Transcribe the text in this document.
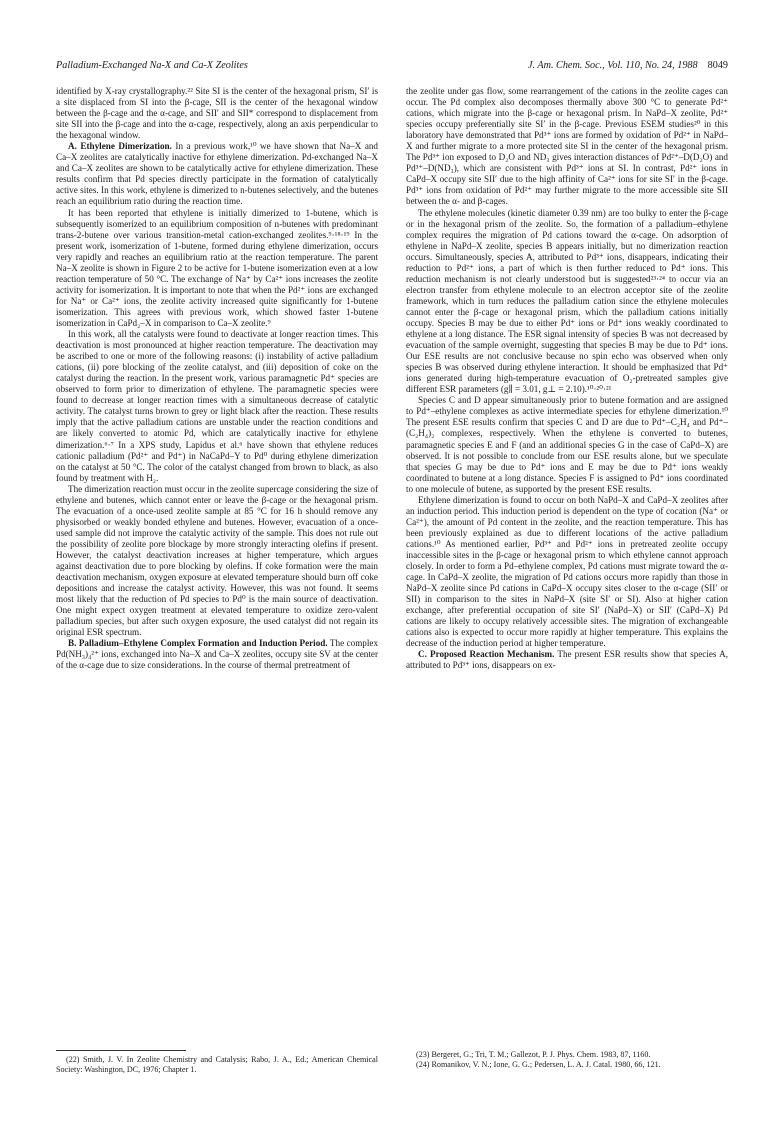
Palladium-Exchanged Na-X and Ca-X Zeolites	J. Am. Chem. Soc., Vol. 110, No. 24, 1988 8049

identified by X-ray crystallography.²² Site SI is the center of the hexagonal prism, SI′ is a site displaced from SI into the β-cage, SII is the center of the hexagonal window between the β-cage and the α-cage, and SII′ and SII* correspond to displacement from site SII into the β-cage and into the α-cage, respectively, along an axis perpendicular to the hexagonal window.

A. Ethylene Dimerization. In a previous work,¹⁰ we have shown that Na–X and Ca–X zeolites are catalytically inactive for ethylene dimerization. Pd-exchanged Na–X and Ca–X zeolites are shown to be catalytically active for ethylene dimerization. These results confirm that Pd species directly participate in the formation of catalytically active sites. In this work, ethylene is dimerized to n-butenes selectively, and the butenes reach an equilibrium ratio during the reaction time.

It has been reported that ethylene is initially dimerized to 1-butene, which is subsequently isomerized to an equilibrium composition of n-butenes with predominant trans-2-butene over various transition-metal cation-exchanged zeolites.⁹·¹⁸·¹⁹ In the present work, isomerization of 1-butene, formed during ethylene dimerization, occurs very rapidly and reaches an equilibrium ratio at the reaction temperature. The parent Na–X zeolite is shown in Figure 2 to be active for 1-butene isomerization even at a low reaction temperature of 50 °C. The exchange of Na⁺ by Ca²⁺ ions increases the zeolite activity for isomerization. It is important to note that when the Pd²⁺ ions are exchanged for Na⁺ or Ca²⁺ ions, the zeolite activity increased quite significantly for 1-butene isomerization. This agrees with previous work, which showed faster 1-butene isomerization in CaPd₂–X in comparison to Ca–X zeolite.⁹

In this work, all the catalysts were found to deactivate at longer reaction times. This deactivation is most pronounced at higher reaction temperature. The deactivation may be ascribed to one or more of the following reasons: (i) instability of active palladium cations, (ii) pore blocking of the zeolite catalyst, and (iii) deposition of coke on the catalyst during the reaction. In the present work, various paramagnetic Pd⁺ species are observed to form prior to dimerization of ethylene. The paramagnetic species were found to decrease at longer reaction times with a simultaneous decrease of catalytic activity. The catalyst turns brown to grey or light black after the reaction. These results imply that the active palladium cations are unstable under the reaction conditions and are likely converted to atomic Pd, which are catalytically inactive for ethylene dimerization.⁶·⁷ In a XPS study, Lapidus et al.⁶ have shown that ethylene reduces cationic palladium (Pd²⁺ and Pd⁺) in NaCaPd–Y to Pd⁰ during ethylene dimerization on the catalyst at 50 °C. The color of the catalyst changed from brown to black, as also found by treatment with H₂.

The dimerization reaction must occur in the zeolite supercage considering the size of ethylene and butenes, which cannot enter or leave the β-cage or the hexagonal prism. The evacuation of a once-used zeolite sample at 85 °C for 16 h should remove any physisorbed or weakly bonded ethylene and butenes. However, evacuation of a once-used sample did not improve the catalytic activity of the sample. This does not rule out the possibility of zeolite pore blockage by more strongly interacting olefins if present. However, the catalyst deactivation increases at higher temperature, which argues against deactivation due to pore blocking by olefins. If coke formation were the main deactivation mechanism, oxygen exposure at elevated temperature should burn off coke depositions and increase the catalyst activity. However, this was not found. It seems most likely that the reduction of Pd species to Pd⁰ is the main source of deactivation. One might expect oxygen treatment at elevated temperature to oxidize zero-valent palladium species, but after such oxygen exposure, the used catalyst did not regain its original ESR spectrum.

B. Palladium–Ethylene Complex Formation and Induction Period. The complex Pd(NH₃)₄²⁺ ions, exchanged into Na–X and Ca–X zeolites, occupy site SV at the center of the α-cage due to size considerations. In the course of thermal pretreatment of

the zeolite under gas flow, some rearrangement of the cations in the zeolite cages can occur. The Pd complex also decomposes thermally above 300 °C to generate Pd²⁺ cations, which migrate into the β-cage or hexagonal prism. In NaPd–X zeolite, Pd²⁺ species occupy preferentially site SI′ in the β-cage. Previous ESEM studies²⁰ in this laboratory have demonstrated that Pd³⁺ ions are formed by oxidation of Pd²⁺ in NaPd–X and further migrate to a more protected site SI in the center of the hexagonal prism. The Pd³⁺ ion exposed to D₂O and ND₃ gives interaction distances of Pd²⁺–D(D₂O) and Pd³⁺–D(ND₃), which are consistent with Pd³⁺ ions at SI. In contrast, Pd²⁺ ions in CaPd–X occupy site SII′ due to the high affinity of Ca²⁺ ions for site SI′ in the β-cage. Pd³⁺ ions from oxidation of Pd²⁺ may further migrate to the more accessible site SII between the α- and β-cages.

The ethylene molecules (kinetic diameter 0.39 nm) are too bulky to enter the β-cage or in the hexagonal prism of the zeolite. So, the formation of a palladium–ethylene complex requires the migration of Pd cations toward the α-cage. On adsorption of ethylene in NaPd–X zeolite, species B appears initially, but no dimerization reaction occurs. Simultaneously, species A, attributed to Pd³⁺ ions, disappears, indicating their reduction to Pd²⁺ ions, a part of which is then further reduced to Pd⁺ ions. This reduction mechanism is not clearly understood but is suggested²³·²⁴ to occur via an electron transfer from ethylene molecule to an electron acceptor site of the zeolite framework, which in turn reduces the palladium cation since the ethylene molecules cannot enter the β-cage or hexagonal prism, which the palladium cations initially occupy. Species B may be due to either Pd⁺ ions or Pd⁺ ions weakly coordinated to ethylene at a long distance. The ESR signal intensity of species B was not decreased by evacuation of the sample overnight, suggesting that species B may be due to Pd⁺ ions. Our ESE results are not conclusive because no spin echo was observed when only species B was observed during ethylene interaction. It should be emphasized that Pd⁺ ions generated during high-temperature evacuation of O₂-pretreated samples give different ESR parameters (g∥ = 3.01, g⊥ = 2.10).¹⁰·²⁰·²¹

Species C and D appear simultaneously prior to butene formation and are assigned to Pd⁺–ethylene complexes as active intermediate species for ethylene dimerization.¹⁰ The present ESE results confirm that species C and D are due to Pd⁺–C₂H₄ and Pd⁺–(C₂H₄)₂ complexes, respectively. When the ethylene is converted to butenes, paramagnetic species E and F (and an additional species G in the case of CaPd–X) are observed. It is not possible to conclude from our ESE results alone, but we speculate that species G may be due to Pd⁺ ions and E may be due to Pd⁺ ions weakly coordinated to butene at a long distance. Species F is assigned to Pd⁺ ions coordinated to one molecule of butene, as supported by the present ESE results.

Ethylene dimerization is found to occur on both NaPd–X and CaPd–X zeolites after an induction period. This induction period is dependent on the type of cocation (Na⁺ or Ca²⁺), the amount of Pd content in the zeolite, and the reaction temperature. This has been previously explained as due to different locations of the active palladium cations.¹⁰ As mentioned earlier, Pd³⁺ and Pd²⁺ ions in pretreated zeolite occupy inaccessible sites in the β-cage or hexagonal prism to which ethylene cannot approach closely. In order to form a Pd–ethylene complex, Pd cations must migrate toward the α-cage. In CaPd–X zeolite, the migration of Pd cations occurs more rapidly than those in NaPd–X zeolite since Pd cations in CaPd–X occupy sites closer to the α-cage (SII′ or SII) in comparison to the sites in NaPd–X (site SI′ or SI). Also at higher cation exchange, after preferential occupation of site SI′ (NaPd–X) or SII′ (CaPd–X) Pd cations are likely to occupy relatively accessible sites. The migration of exchangeable cations also is expected to occur more rapidly at higher temperature. This explains the decrease of the induction period at higher temperature.

C. Proposed Reaction Mechanism. The present ESR results show that species A, attributed to Pd³⁺ ions, disappears on ex-

(22) Smith, J. V. In Zeolite Chemistry and Catalysis; Rabo, J. A., Ed.; American Chemical Society: Washington, DC, 1976; Chapter 1.

(23) Bergeret, G.; Tri, T. M.; Gallezot, P. J. Phys. Chem. 1983, 87, 1160.

(24) Romanikov, V. N.; Ione, G. G.; Pedersen, L. A. J. Catal. 1980, 66, 121.
